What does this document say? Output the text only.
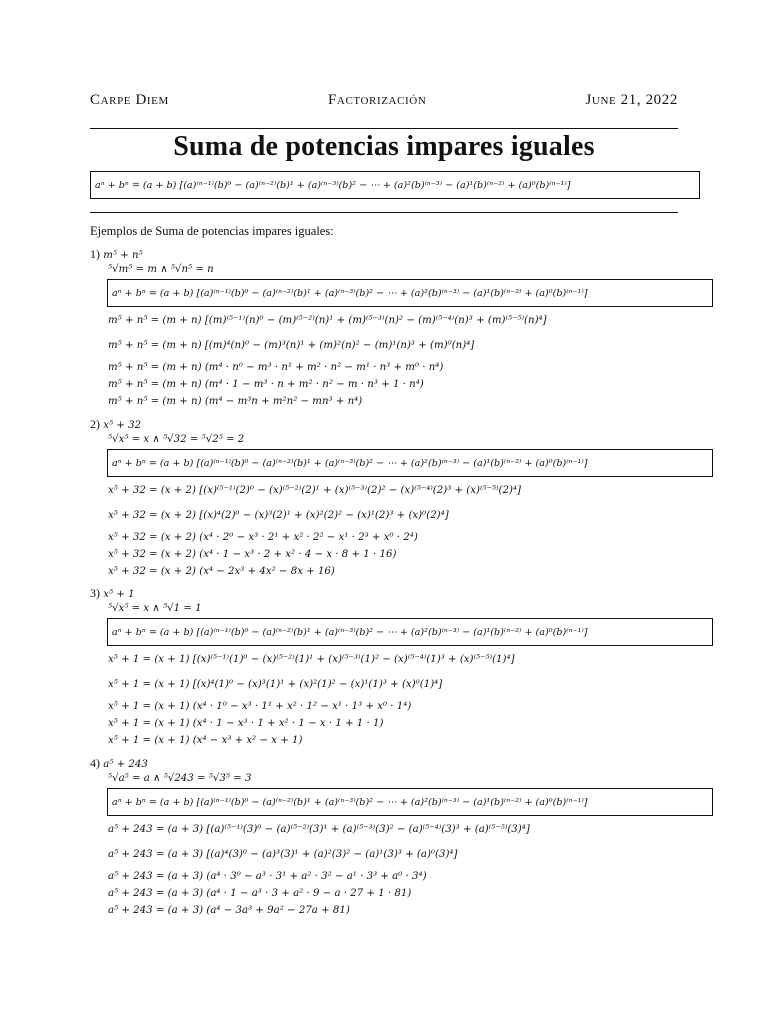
Carpe Diem	Factorización	June 21, 2022
Suma de potencias impares iguales
aⁿ + bⁿ = (a + b) [(a)⁽ⁿ⁻¹⁾(b)⁰ − (a)⁽ⁿ⁻²⁾(b)¹ + (a)⁽ⁿ⁻³⁾(b)² − ⋯ + (a)²(b)⁽ⁿ⁻³⁾ − (a)¹(b)⁽ⁿ⁻²⁾ + (a)⁰(b)⁽ⁿ⁻¹⁾]
Ejemplos de Suma de potencias impares iguales:
1) m⁵ + n⁵
⁵√m⁵ = m ∧ ⁵√n⁵ = n
aⁿ + bⁿ = (a + b) [(a)⁽ⁿ⁻¹⁾(b)⁰ − (a)⁽ⁿ⁻²⁾(b)¹ + (a)⁽ⁿ⁻³⁾(b)² − ⋯ + (a)²(b)⁽ⁿ⁻³⁾ − (a)¹(b)⁽ⁿ⁻²⁾ + (a)⁰(b)⁽ⁿ⁻¹⁾]
m⁵ + n⁵ = (m + n) [(m)⁽⁵⁻¹⁾(n)⁰ − (m)⁽⁵⁻²⁾(n)¹ + (m)⁽⁵⁻³⁾(n)² − (m)⁽⁵⁻⁴⁾(n)³ + (m)⁽⁵⁻⁵⁾(n)⁴]
m⁵ + n⁵ = (m + n) [(m)⁴(n)⁰ − (m)³(n)¹ + (m)²(n)² − (m)¹(n)³ + (m)⁰(n)⁴]
m⁵ + n⁵ = (m + n) (m⁴ · n⁰ − m³ · n¹ + m² · n² − m¹ · n³ + m⁰ · n⁴)
m⁵ + n⁵ = (m + n) (m⁴ · 1 − m³ · n + m² · n² − m · n³ + 1 · n⁴)
m⁵ + n⁵ = (m + n) (m⁴ − m³n + m²n² − mn³ + n⁴)
2) x⁵ + 32
⁵√x⁵ = x ∧ ⁵√32 = ⁵√2⁵ = 2
aⁿ + bⁿ = (a + b) [(a)⁽ⁿ⁻¹⁾(b)⁰ − (a)⁽ⁿ⁻²⁾(b)¹ + (a)⁽ⁿ⁻³⁾(b)² − ⋯ + (a)²(b)⁽ⁿ⁻³⁾ − (a)¹(b)⁽ⁿ⁻²⁾ + (a)⁰(b)⁽ⁿ⁻¹⁾]
x⁵ + 32 = (x + 2) [(x)⁽⁵⁻¹⁾(2)⁰ − (x)⁽⁵⁻²⁾(2)¹ + (x)⁽⁵⁻³⁾(2)² − (x)⁽⁵⁻⁴⁾(2)³ + (x)⁽⁵⁻⁵⁾(2)⁴]
x⁵ + 32 = (x + 2) [(x)⁴(2)⁰ − (x)³(2)¹ + (x)²(2)² − (x)¹(2)³ + (x)⁰(2)⁴]
x⁵ + 32 = (x + 2) (x⁴ · 2⁰ − x³ · 2¹ + x² · 2² − x¹ · 2³ + x⁰ · 2⁴)
x⁵ + 32 = (x + 2) (x⁴ · 1 − x³ · 2 + x² · 4 − x · 8 + 1 · 16)
x⁵ + 32 = (x + 2) (x⁴ − 2x³ + 4x² − 8x + 16)
3) x⁵ + 1
⁵√x⁵ = x ∧ ⁵√1 = 1
aⁿ + bⁿ = (a + b) [(a)⁽ⁿ⁻¹⁾(b)⁰ − (a)⁽ⁿ⁻²⁾(b)¹ + (a)⁽ⁿ⁻³⁾(b)² − ⋯ + (a)²(b)⁽ⁿ⁻³⁾ − (a)¹(b)⁽ⁿ⁻²⁾ + (a)⁰(b)⁽ⁿ⁻¹⁾]
x⁵ + 1 = (x + 1) [(x)⁽⁵⁻¹⁾(1)⁰ − (x)⁽⁵⁻²⁾(1)¹ + (x)⁽⁵⁻³⁾(1)² − (x)⁽⁵⁻⁴⁾(1)³ + (x)⁽⁵⁻⁵⁾(1)⁴]
x⁵ + 1 = (x + 1) [(x)⁴(1)⁰ − (x)³(1)¹ + (x)²(1)² − (x)¹(1)³ + (x)⁰(1)⁴]
x⁵ + 1 = (x + 1) (x⁴ · 1⁰ − x³ · 1¹ + x² · 1² − x¹ · 1³ + x⁰ · 1⁴)
x⁵ + 1 = (x + 1) (x⁴ · 1 − x³ · 1 + x² · 1 − x · 1 + 1 · 1)
x⁵ + 1 = (x + 1) (x⁴ − x³ + x² − x + 1)
4) a⁵ + 243
⁵√a⁵ = a ∧ ⁵√243 = ⁵√3⁵ = 3
aⁿ + bⁿ = (a + b) [(a)⁽ⁿ⁻¹⁾(b)⁰ − (a)⁽ⁿ⁻²⁾(b)¹ + (a)⁽ⁿ⁻³⁾(b)² − ⋯ + (a)²(b)⁽ⁿ⁻³⁾ − (a)¹(b)⁽ⁿ⁻²⁾ + (a)⁰(b)⁽ⁿ⁻¹⁾]
a⁵ + 243 = (a + 3) [(a)⁽⁵⁻¹⁾(3)⁰ − (a)⁽⁵⁻²⁾(3)¹ + (a)⁽⁵⁻³⁾(3)² − (a)⁽⁵⁻⁴⁾(3)³ + (a)⁽⁵⁻⁵⁾(3)⁴]
a⁵ + 243 = (a + 3) [(a)⁴(3)⁰ − (a)³(3)¹ + (a)²(3)² − (a)¹(3)³ + (a)⁰(3)⁴]
a⁵ + 243 = (a + 3) (a⁴ · 3⁰ − a³ · 3¹ + a² · 3² − a¹ · 3³ + a⁰ · 3⁴)
a⁵ + 243 = (a + 3) (a⁴ · 1 − a³ · 3 + a² · 9 − a · 27 + 1 · 81)
a⁵ + 243 = (a + 3) (a⁴ − 3a³ + 9a² − 27a + 81)
